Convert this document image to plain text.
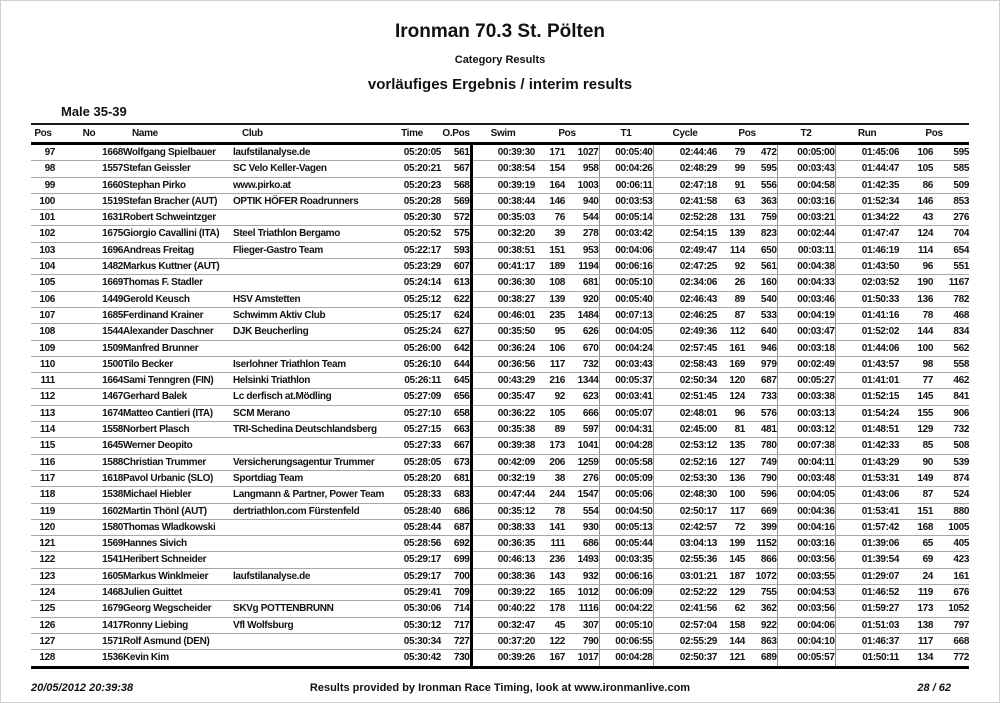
Ironman 70.3 St. Pölten
Category Results
vorläufiges Ergebnis / interim results
Male 35-39
Pos	No	Name	Club	Time	O.Pos	Swim	Pos		T1	Cycle	Pos		T2	Run	Pos	
97	1668	Wolfgang Spielbauer	laufstilanalyse.de	05:20:05	561	00:39:30	171	1027	00:05:40	02:44:46	79	472	00:05:00	01:45:06	106	595
98	1557	Stefan Geissler	SC Velo Keller-Vagen	05:20:21	567	00:38:54	154	958	00:04:26	02:48:29	99	595	00:03:43	01:44:47	105	585
99	1660	Stephan Pirko	www.pirko.at	05:20:23	568	00:39:19	164	1003	00:06:11	02:47:18	91	556	00:04:58	01:42:35	86	509
100	1519	Stefan Bracher (AUT)	OPTIK HÖFER Roadrunners	05:20:28	569	00:38:44	146	940	00:03:53	02:41:58	63	363	00:03:16	01:52:34	146	853
101	1631	Robert Schweintzger		05:20:30	572	00:35:03	76	544	00:05:14	02:52:28	131	759	00:03:21	01:34:22	43	276
102	1675	Giorgio Cavallini (ITA)	Steel Triathlon Bergamo	05:20:52	575	00:32:20	39	278	00:03:42	02:54:15	139	823	00:02:44	01:47:47	124	704
103	1696	Andreas Freitag	Flieger-Gastro Team	05:22:17	593	00:38:51	151	953	00:04:06	02:49:47	114	650	00:03:11	01:46:19	114	654
104	1482	Markus Kuttner (AUT)		05:23:29	607	00:41:17	189	1194	00:06:16	02:47:25	92	561	00:04:38	01:43:50	96	551
105	1669	Thomas F. Stadler		05:24:14	613	00:36:30	108	681	00:05:10	02:34:06	26	160	00:04:33	02:03:52	190	1167
106	1449	Gerold Keusch	HSV Amstetten	05:25:12	622	00:38:27	139	920	00:05:40	02:46:43	89	540	00:03:46	01:50:33	136	782
107	1685	Ferdinand Krainer	Schwimm Aktiv Club	05:25:17	624	00:46:01	235	1484	00:07:13	02:46:25	87	533	00:04:19	01:41:16	78	468
108	1544	Alexander Daschner	DJK Beucherling	05:25:24	627	00:35:50	95	626	00:04:05	02:49:36	112	640	00:03:47	01:52:02	144	834
109	1509	Manfred Brunner		05:26:00	642	00:36:24	106	670	00:04:24	02:57:45	161	946	00:03:18	01:44:06	100	562
110	1500	Tilo Becker	Iserlohner Triathlon Team	05:26:10	644	00:36:56	117	732	00:03:43	02:58:43	169	979	00:02:49	01:43:57	98	558
111	1664	Sami Tenngren (FIN)	Helsinki Triathlon	05:26:11	645	00:43:29	216	1344	00:05:37	02:50:34	120	687	00:05:27	01:41:01	77	462
112	1467	Gerhard Balek	Lc derfisch at.Mödling	05:27:09	656	00:35:47	92	623	00:03:41	02:51:45	124	733	00:03:38	01:52:15	145	841
113	1674	Matteo Cantieri (ITA)	SCM Merano	05:27:10	658	00:36:22	105	666	00:05:07	02:48:01	96	576	00:03:13	01:54:24	155	906
114	1558	Norbert Plasch	TRI-Schedina Deutschlandsberg	05:27:15	663	00:35:38	89	597	00:04:31	02:45:00	81	481	00:03:12	01:48:51	129	732
115	1645	Werner Deopito		05:27:33	667	00:39:38	173	1041	00:04:28	02:53:12	135	780	00:07:38	01:42:33	85	508
116	1588	Christian Trummer	Versicherungsagentur Trummer	05:28:05	673	00:42:09	206	1259	00:05:58	02:52:16	127	749	00:04:11	01:43:29	90	539
117	1618	Pavol Urbanic (SLO)	Sportdiag Team	05:28:20	681	00:32:19	38	276	00:05:09	02:53:30	136	790	00:03:48	01:53:31	149	874
118	1538	Michael Hiebler	Langmann & Partner, Power Team	05:28:33	683	00:47:44	244	1547	00:05:06	02:48:30	100	596	00:04:05	01:43:06	87	524
119	1602	Martin Thönl (AUT)	dertriathlon.com Fürstenfeld	05:28:40	686	00:35:12	78	554	00:04:50	02:50:17	117	669	00:04:36	01:53:41	151	880
120	1580	Thomas Wladkowski		05:28:44	687	00:38:33	141	930	00:05:13	02:42:57	72	399	00:04:16	01:57:42	168	1005
121	1569	Hannes Sivich		05:28:56	692	00:36:35	111	686	00:05:44	03:04:13	199	1152	00:03:16	01:39:06	65	405
122	1541	Heribert Schneider		05:29:17	699	00:46:13	236	1493	00:03:35	02:55:36	145	866	00:03:56	01:39:54	69	423
123	1605	Markus Winklmeier	laufstilanalyse.de	05:29:17	700	00:38:36	143	932	00:06:16	03:01:21	187	1072	00:03:55	01:29:07	24	161
124	1468	Julien Guittet		05:29:41	709	00:39:22	165	1012	00:06:09	02:52:22	129	755	00:04:53	01:46:52	119	676
125	1679	Georg Wegscheider	SKVg POTTENBRUNN	05:30:06	714	00:40:22	178	1116	00:04:22	02:41:56	62	362	00:03:56	01:59:27	173	1052
126	1417	Ronny Liebing	Vfl Wolfsburg	05:30:12	717	00:32:47	45	307	00:05:10	02:57:04	158	922	00:04:06	01:51:03	138	797
127	1571	Rolf Asmund (DEN)		05:30:34	727	00:37:20	122	790	00:06:55	02:55:29	144	863	00:04:10	01:46:37	117	668
128	1536	Kevin Kim		05:30:42	730	00:39:26	167	1017	00:04:28	02:50:37	121	689	00:05:57	01:50:11	134	772
20/05/2012 20:39:38	Results provided by Ironman Race Timing, look at www.ironmanlive.com	28 / 62
